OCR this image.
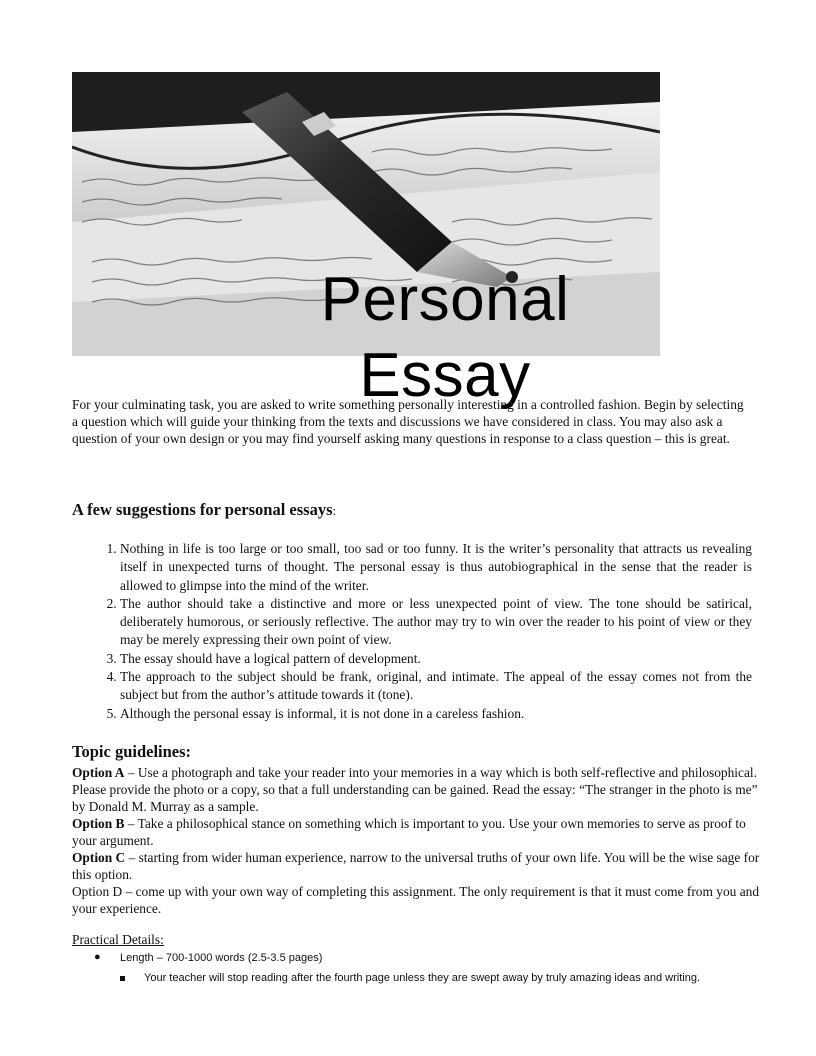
Personal
Essay
For your culminating task, you are asked to write something personally interesting in a controlled fashion. Begin by selecting a question which will guide your thinking from the texts and discussions we have considered in class. You may also ask a question of your own design or you may find yourself asking many questions in response to a class question – this is great.
A few suggestions for personal essays:
1. Nothing in life is too large or too small, too sad or too funny. It is the writer’s personality that attracts us revealing itself in unexpected turns of thought. The personal essay is thus autobiographical in the sense that the reader is allowed to glimpse into the mind of the writer.
2. The author should take a distinctive and more or less unexpected point of view. The tone should be satirical, deliberately humorous, or seriously reflective. The author may try to win over the reader to his point of view or they may be merely expressing their own point of view.
3. The essay should have a logical pattern of development.
4. The approach to the subject should be frank, original, and intimate. The appeal of the essay comes not from the subject but from the author’s attitude towards it (tone).
5. Although the personal essay is informal, it is not done in a careless fashion.
Topic guidelines:

Option A – Use a photograph and take your reader into your memories in a way which is both self-reflective and philosophical. Please provide the photo or a copy, so that a full understanding can be gained. Read the essay: “The stranger in the photo is me” by Donald M. Murray as a sample.

Option B – Take a philosophical stance on something which is important to you. Use your own memories to serve as proof to your argument.

Option C – starting from wider human experience, narrow to the universal truths of your own life. You will be the wise sage for this option.

Option D – come up with your own way of completing this assignment. The only requirement is that it must come from you and your experience.

Practical Details:
● Length – 700-1000 words (2.5-3.5 pages)
Your teacher will stop reading after the fourth page unless they are swept away by truly amazing ideas and writing.
